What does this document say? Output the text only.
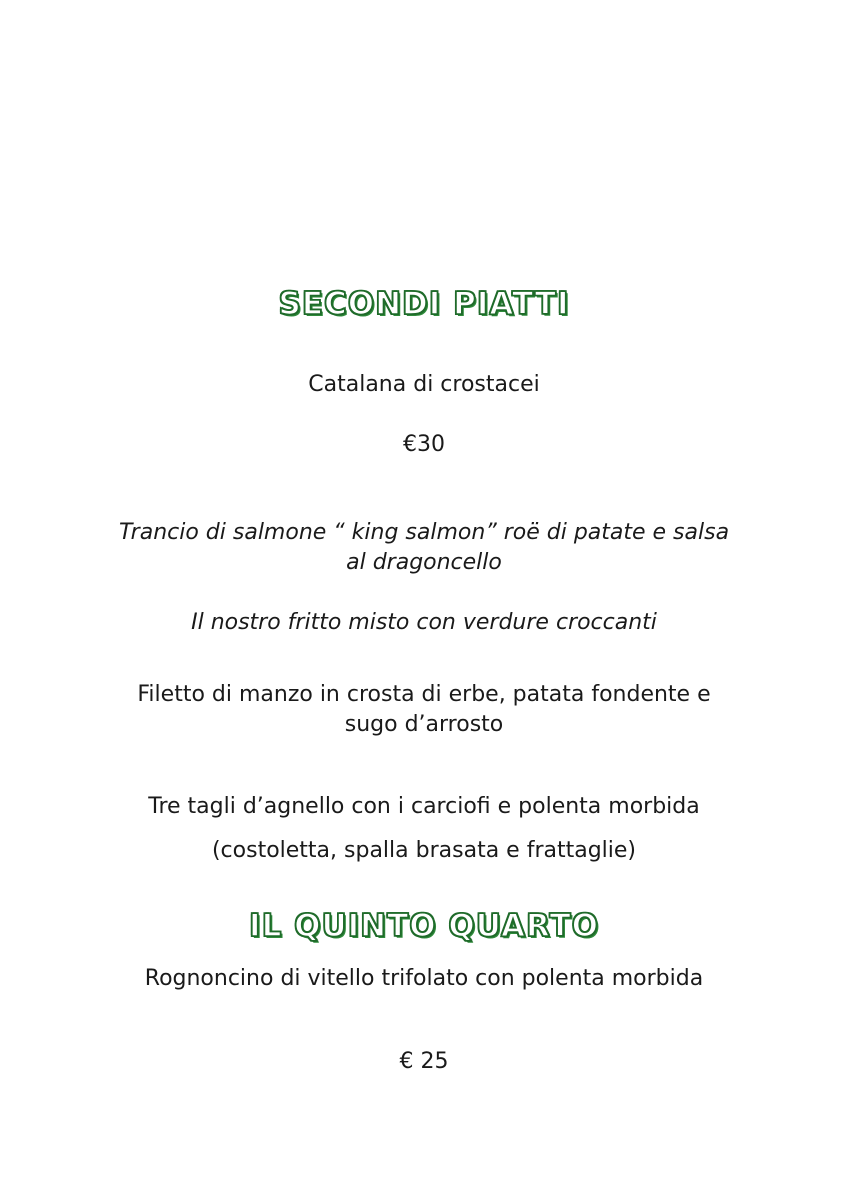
SECONDI PIATTI
Catalana di crostacei
€30
Trancio di salmone “ king salmon” roë di patate e salsa
al dragoncello
Il nostro fritto misto con verdure croccanti
Filetto di manzo in crosta di erbe, patata fondente e
sugo d’arrosto
Tre tagli d’agnello con i carciofi e polenta morbida
(costoletta, spalla brasata e frattaglie)
IL QUINTO QUARTO
Rognoncino di vitello trifolato con polenta morbida
€ 25
